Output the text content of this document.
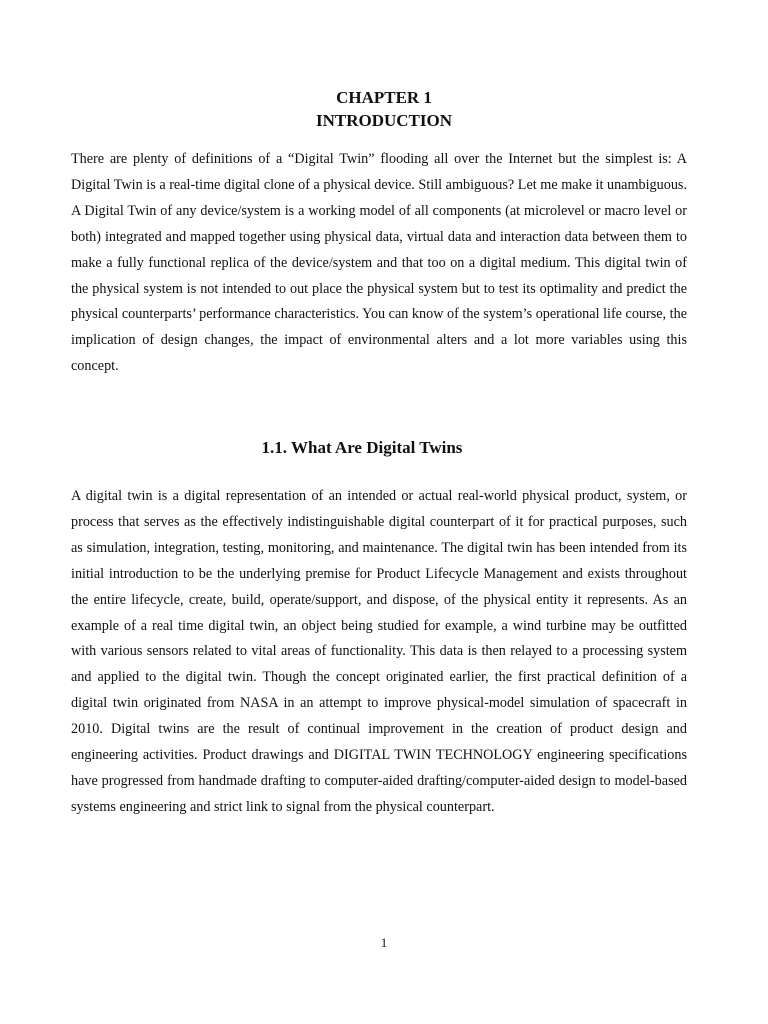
CHAPTER 1
INTRODUCTION

There are plenty of definitions of a “Digital Twin” flooding all over the Internet but the simplest is: A Digital Twin is a real-time digital clone of a physical device. Still ambiguous? Let me make it unambiguous. A Digital Twin of any device/system is a working model of all components (at microlevel or macro level or both) integrated and mapped together using physical data, virtual data and interaction data between them to make a fully functional replica of the device/system and that too on a digital medium. This digital twin of the physical system is not intended to out place the physical system but to test its optimality and predict the physical counterparts’ performance characteristics. You can know of the system’s operational life course, the implication of design changes, the impact of environmental alters and a lot more variables using this concept.

1.1. What Are Digital Twins

A digital twin is a digital representation of an intended or actual real-world physical product, system, or process that serves as the effectively indistinguishable digital counterpart of it for practical purposes, such as simulation, integration, testing, monitoring, and maintenance. The digital twin has been intended from its initial introduction to be the underlying premise for Product Lifecycle Management and exists throughout the entire lifecycle, create, build, operate/support, and dispose, of the physical entity it represents. As an example of a real time digital twin, an object being studied for example, a wind turbine may be outfitted with various sensors related to vital areas of functionality. This data is then relayed to a processing system and applied to the digital twin. Though the concept originated earlier, the first practical definition of a digital twin originated from NASA in an attempt to improve physical-model simulation of spacecraft in 2010. Digital twins are the result of continual improvement in the creation of product design and engineering activities. Product drawings and DIGITAL TWIN TECHNOLOGY engineering specifications have progressed from handmade drafting to computer-aided drafting/computer-aided design to model-based systems engineering and strict link to signal from the physical counterpart.

1
